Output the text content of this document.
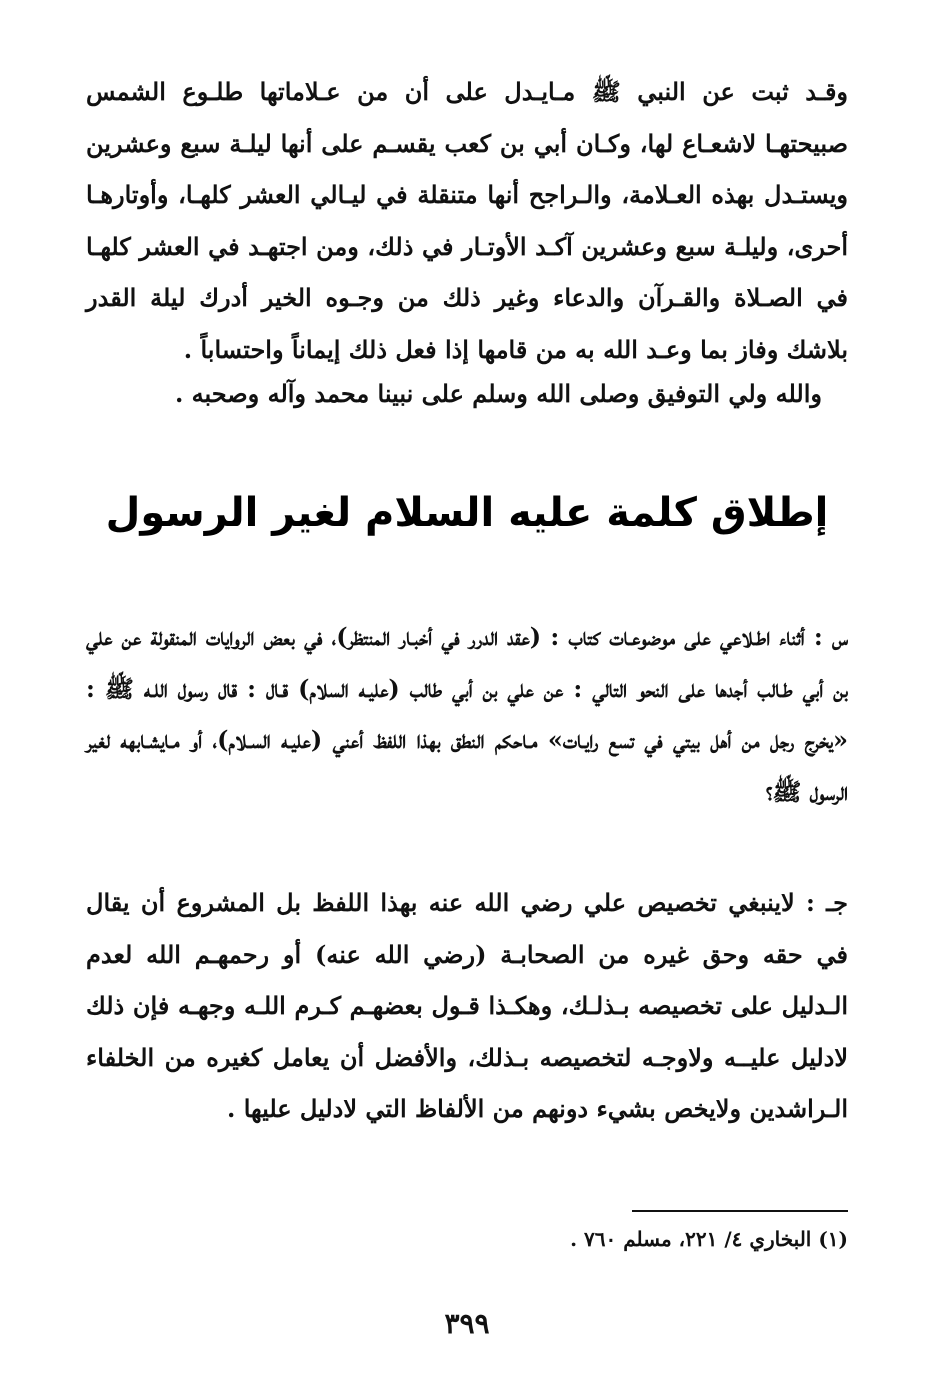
وقـد ثبت عن النبي ﷺ مـايـدل على أن من عـلاماتها طلـوع الشمس صبيحتهـا لاشعـاع لها، وكـان أبي بن كعب يقسـم على أنها ليلـة سبع وعشرين ويستـدل بهذه العـلامة، والـراجح أنها متنقلة في ليـالي العشر كلهـا، وأوتارهـا أحرى، وليلـة سبع وعشرين آكـد الأوتـار في ذلك، ومن اجتهـد في العشر كلهـا في الصـلاة والقـرآن والدعاء وغير ذلك من وجـوه الخير أدرك ليلة القدر بلاشك وفاز بما وعـد الله به من قامها إذا فعل ذلك إيماناً واحتساباً .

والله ولي التوفيق وصلى الله وسلم على نبينا محمد وآله وصحبه .
إطلاق كلمة عليه السلام لغير الرسول

س : أثناء اطـلاعي على موضوعـات كتاب : (عقد الدرر في أخبـار المنتظر)، في بعض الروايات المنقولة عن علي بن أبي طـالب أجدها على النحو التالي : عن علي بن أبي طالب (عليـه السلام) قـال : قال رسول اللـه ﷺ : «يخرج رجل من أهل بيتي في تسع رايـات» مـاحكم النطق بهذا اللفظ أعني (عليـه السـلام)، أو مـايشـابهه لغير الرسول ﷺ؟

جـ : لاينبغي تخصيص علي رضي الله عنه بهذا اللفظ بل المشروع أن يقال في حقه وحق غيره من الصحابـة (رضي الله عنه) أو رحمهـم الله لعدم الـدليل على تخصيصه بـذلـك، وهكـذا قـول بعضهـم كـرم اللـه وجهـه فإن ذلك لادليل عليــه ولاوجـه لتخصيصه بـذلك، والأفضل أن يعامل كغيره من الخلفاء الـراشدين ولايخص بشيء دونهم من الألفاظ التي لادليل عليها .

(١) البخاري ٤/ ٢٢١، مسلم ٧٦٠ .
٣٩٩
